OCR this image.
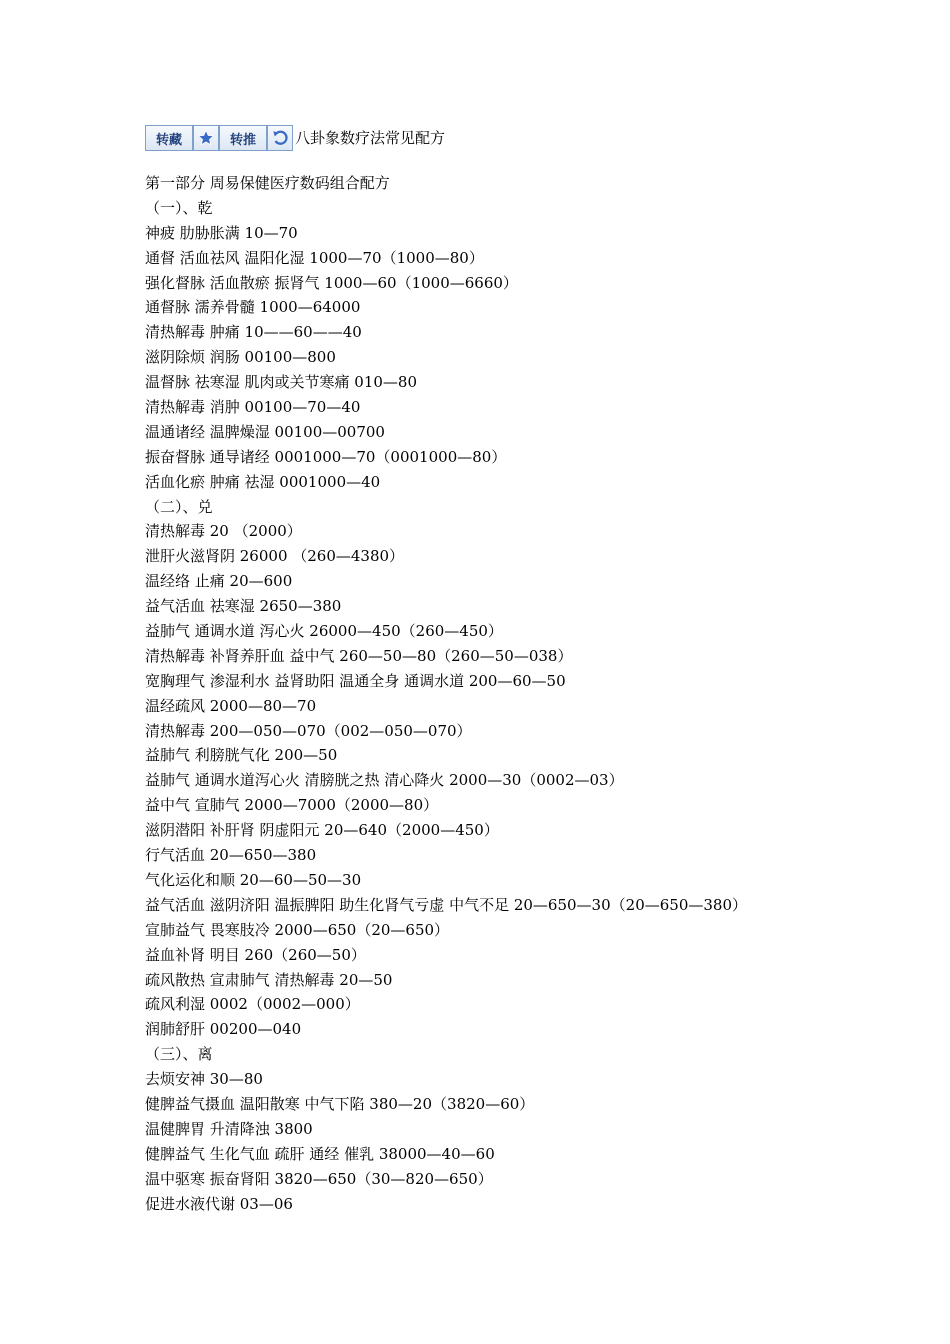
转藏	转推	八卦象数疗法常见配方
第一部分 周易保健医疗数码组合配方
（一）、乾
神疲 肋胁胀满 10—70
通督 活血祛风 温阳化湿 1000—70（1000—80）
强化督脉 活血散瘀 振肾气 1000—60（1000—6660）
通督脉 濡养骨髓 1000—64000
清热解毒 肿痛 10——60——40
滋阴除烦 润肠 00100—800
温督脉 祛寒湿 肌肉或关节寒痛 010—80
清热解毒 消肿 00100—70—40
温通诸经 温脾燥湿 00100—00700
振奋督脉 通导诸经 0001000—70（0001000—80）
活血化瘀 肿痛 祛湿 0001000—40
（二）、兑
清热解毒 20 （2000）
泄肝火滋肾阴 26000 （260—4380）
温经络 止痛 20—600
益气活血 祛寒湿 2650—380
益肺气 通调水道 泻心火 26000—450（260—450）
清热解毒 补肾养肝血 益中气 260—50—80（260—50—038）
宽胸理气 渗湿利水 益肾助阳 温通全身 通调水道 200—60—50
温经疏风 2000—80—70
清热解毒 200—050—070（002—050—070）
益肺气 利膀胱气化 200—50
益肺气 通调水道泻心火 清膀胱之热 清心降火 2000—30（0002—03）
益中气 宣肺气 2000—7000（2000—80）
滋阴潜阳 补肝肾 阴虚阳元 20—640（2000—450）
行气活血 20—650—380
气化运化和顺 20—60—50—30
益气活血 滋阴济阳 温振脾阳 助生化肾气亏虚 中气不足 20—650—30（20—650—380）
宣肺益气 畏寒肢冷 2000—650（20—650）
益血补肾 明目 260（260—50）
疏风散热 宣肃肺气 清热解毒 20—50
疏风利湿 0002（0002—000）
润肺舒肝 00200—040
（三）、离
去烦安神 30—80
健脾益气摄血 温阳散寒 中气下陷 380—20（3820—60）
温健脾胃 升清降浊 3800
健脾益气 生化气血 疏肝 通经 催乳 38000—40—60
温中驱寒 振奋肾阳 3820—650（30—820—650）
促进水液代谢 03—06
